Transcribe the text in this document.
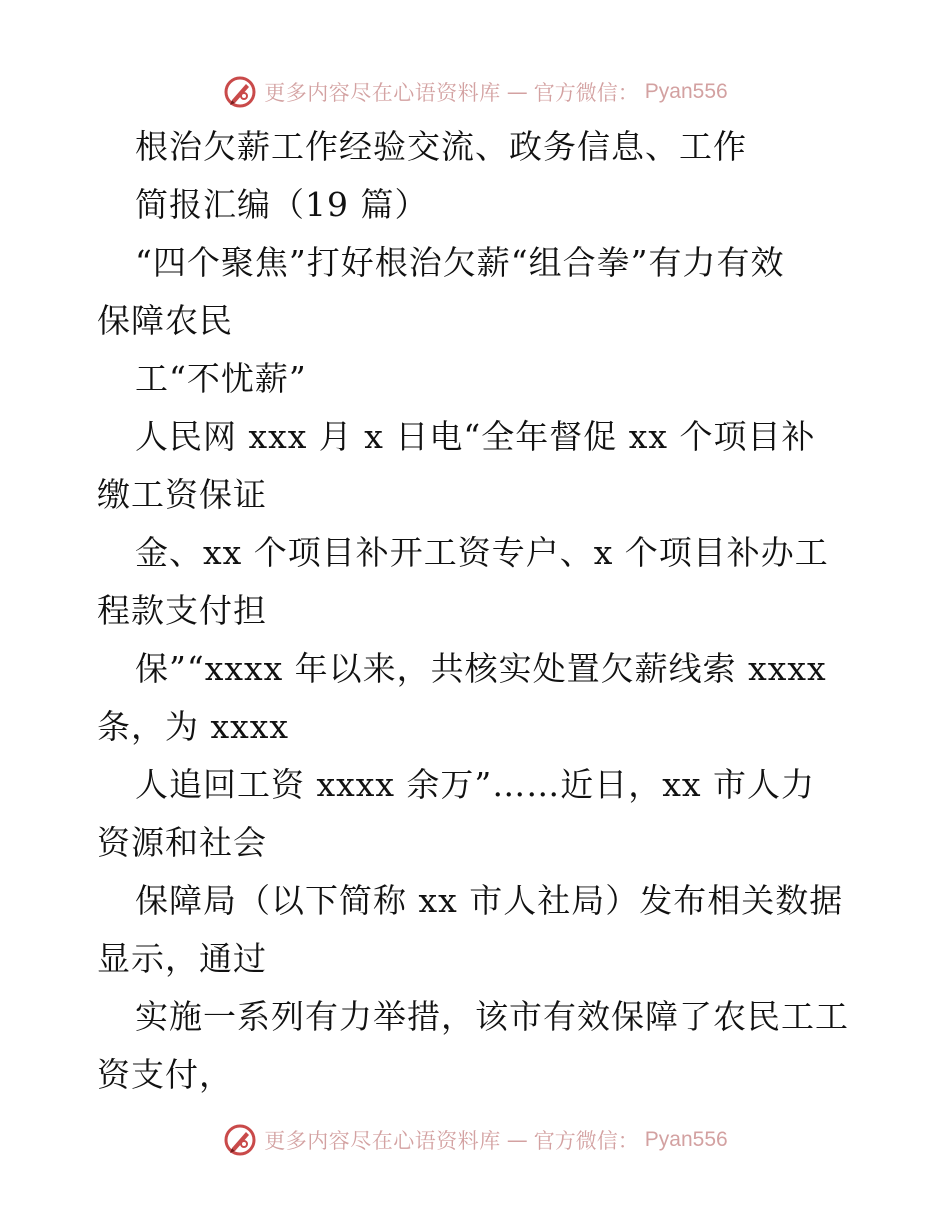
更多内容尽在心语资料库 — 官方微信： Pyan556
根治欠薪工作经验交流、政务信息、工作
简报汇编（19 篇）
“四个聚焦”打好根治欠薪“组合拳”有力有效
保障农民
工“不忧薪”
人民网 xxx 月 x 日电“全年督促 xx 个项目补
缴工资保证
金、xx 个项目补开工资专户、x 个项目补办工
程款支付担
保”“xxxx 年以来，共核实处置欠薪线索 xxxx
条，为 xxxx
人追回工资 xxxx 余万”……近日，xx 市人力
资源和社会
保障局（以下简称 xx 市人社局）发布相关数据
显示，通过
实施一系列有力举措，该市有效保障了农民工工
资支付，
更多内容尽在心语资料库 — 官方微信： Pyan556
